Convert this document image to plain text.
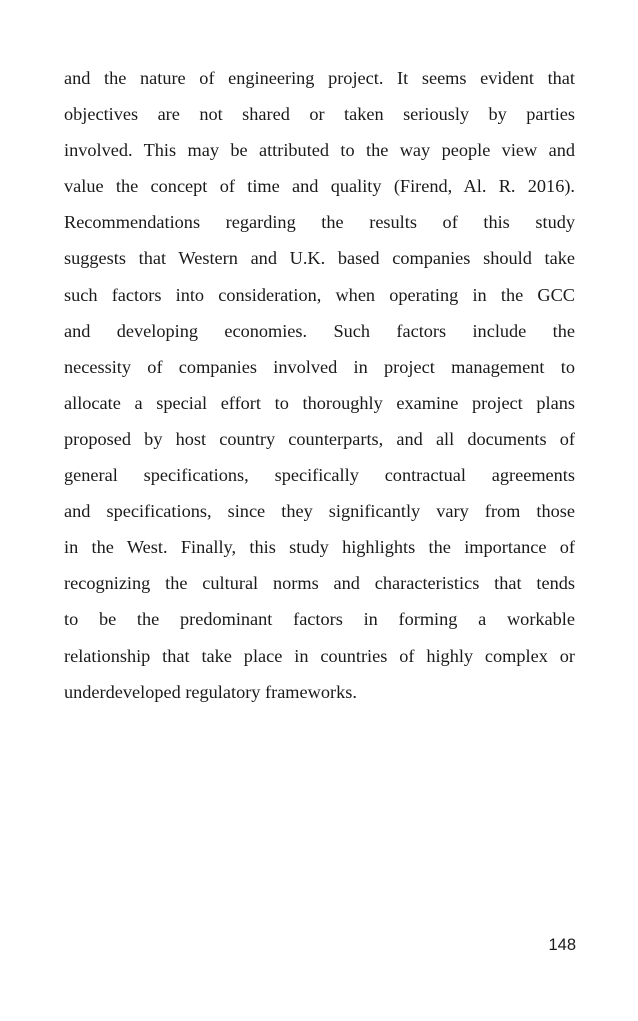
and the nature of engineering project. It seems evident that
objectives are not shared or taken seriously by parties
involved. This may be attributed to the way people view and
value the concept of time and quality (Firend, Al. R. 2016).
Recommendations regarding the results of this study
suggests that Western and U.K. based companies should take
such factors into consideration, when operating in the GCC
and developing economies. Such factors include the
necessity of companies involved in project management to
allocate a special effort to thoroughly examine project plans
proposed by host country counterparts, and all documents of
general specifications, specifically contractual agreements
and specifications, since they significantly vary from those
in the West. Finally, this study highlights the importance of
recognizing the cultural norms and characteristics that tends
to be the predominant factors in forming a workable
relationship that take place in countries of highly complex or
underdeveloped regulatory frameworks.

148
